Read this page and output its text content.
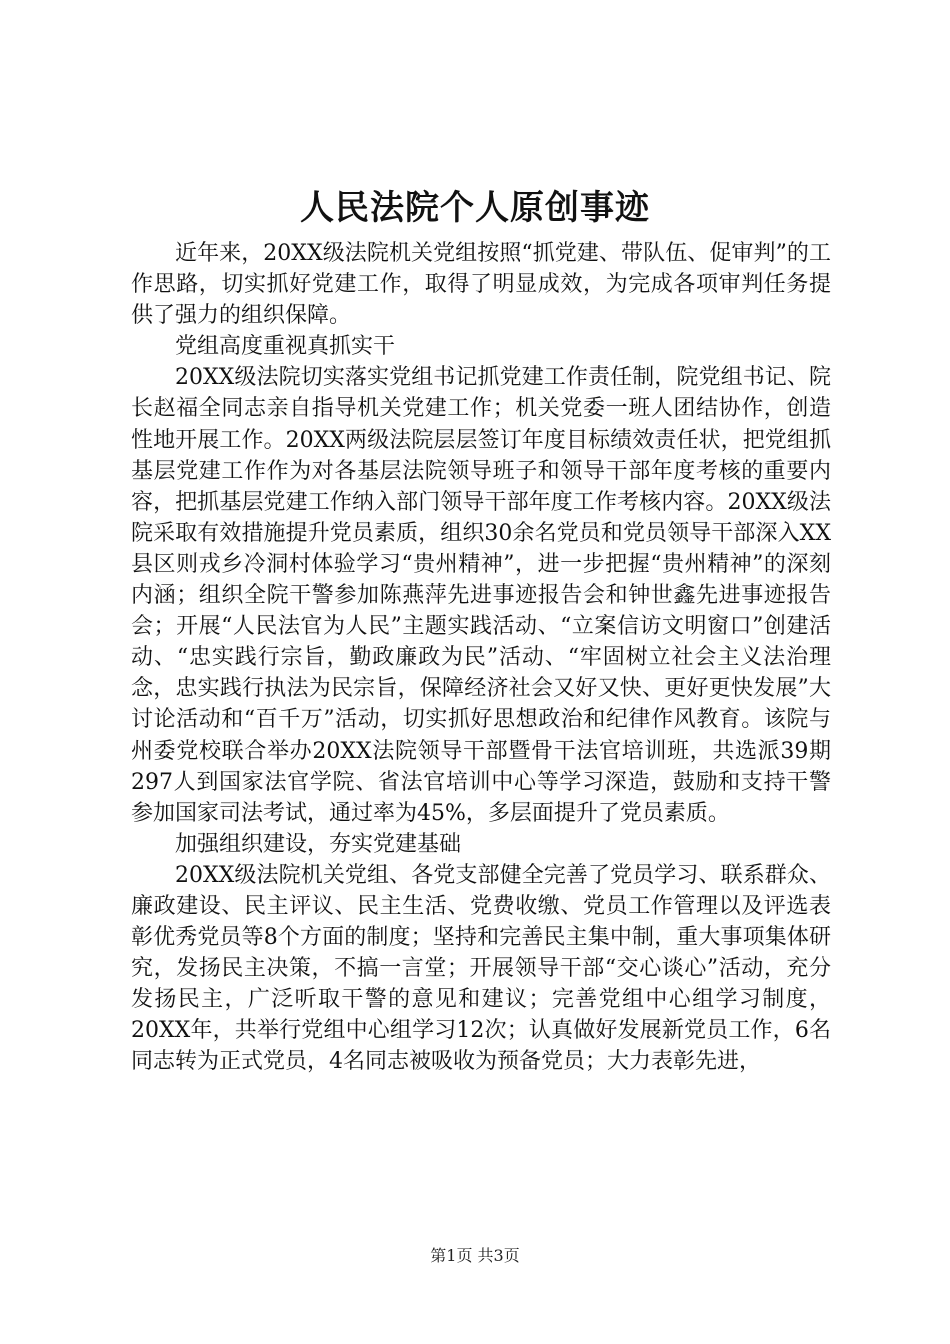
人民法院个人原创事迹

近年来，20XX级法院机关党组按照“抓党建、带队伍、促审判”的工作思路，切实抓好党建工作，取得了明显成效，为完成各项审判任务提供了强力的组织保障。

党组高度重视真抓实干

20XX级法院切实落实党组书记抓党建工作责任制，院党组书记、院长赵福全同志亲自指导机关党建工作；机关党委一班人团结协作，创造性地开展工作。20XX两级法院层层签订年度目标绩效责任状，把党组抓基层党建工作作为对各基层法院领导班子和领导干部年度考核的重要内容，把抓基层党建工作纳入部门领导干部年度工作考核内容。20XX级法院采取有效措施提升党员素质，组织30余名党员和党员领导干部深入XX县区则戎乡冷洞村体验学习“贵州精神”，进一步把握“贵州精神”的深刻内涵；组织全院干警参加陈燕萍先进事迹报告会和钟世鑫先进事迹报告会；开展“人民法官为人民”主题实践活动、“立案信访文明窗口”创建活动、“忠实践行宗旨，勤政廉政为民”活动、“牢固树立社会主义法治理念，忠实践行执法为民宗旨，保障经济社会又好又快、更好更快发展”大讨论活动和“百千万”活动，切实抓好思想政治和纪律作风教育。该院与州委党校联合举办20XX法院领导干部暨骨干法官培训班，共选派39期297人到国家法官学院、省法官培训中心等学习深造，鼓励和支持干警参加国家司法考试，通过率为45%，多层面提升了党员素质。

加强组织建设，夯实党建基础

20XX级法院机关党组、各党支部健全完善了党员学习、联系群众、廉政建设、民主评议、民主生活、党费收缴、党员工作管理以及评选表彰优秀党员等8个方面的制度；坚持和完善民主集中制，重大事项集体研究，发扬民主决策，不搞一言堂；开展领导干部“交心谈心”活动，充分发扬民主，广泛听取干警的意见和建议；完善党组中心组学习制度，20XX年，共举行党组中心组学习12次；认真做好发展新党员工作，6名同志转为正式党员，4名同志被吸收为预备党员；大力表彰先进，

第1页 共3页
